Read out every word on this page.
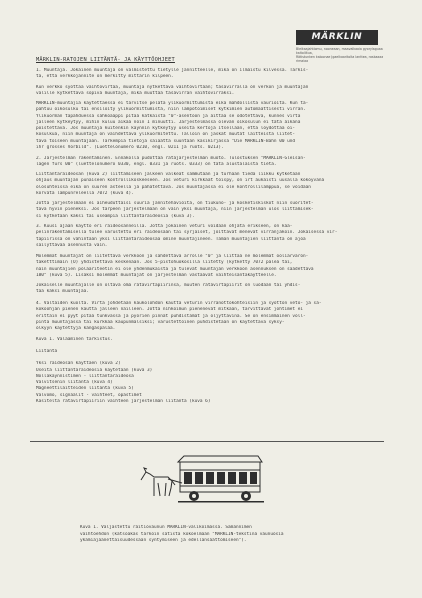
MÄRKLIN
Bleikaajahtiomu, nooneaan, maavalkaaia gyorylaguaa kaitoliitua,
Rätistunken kaloonae Jgaelkaaritolta lanttea, raskaaaa rimaiaa
MÄRKLIN-RATOJEN LIITÄNTÄ- JA KÄYTTÖOHJEET

1. Muuntaja. Jokainen muuntaja on valmistettu tietylle jännitteelle, mikä on ilmaistu kilvessä. Tarkis-

ta, että verkkojännite on merkitty mittarin kilpeen.

Kun verkko syöttää vaihtovirtaa, muuntaja nytkettävä vaihtovirtaan; tasavirralla on verkon ja muuntajan

välille kytkettävä sopiva muuntaja, mikä muuttaa tasavirran vaihtovirraksi.

MÄRKLIN-muuntajia käytettäessä ei tarvitse pelätä ylikuormittumista eikä mahdollista vaurioita. Kun ta-

pahtuu oikosulku tai ensilöity ylikuormittumista, niin lämpötoimiset kytkimien automaattisesti virran.

Ylikuorman tapahduessa sähköaappi pitää katkaista "0"-asentoon ja aittaa se odotettava, kunnes virta

jälleen kytkeytyy, mihin kuluu aikaa noin 1 minuutti. Järjestelmässä olevan oikosulun ei tätä aikana

poistettava. Jos muuntaja kuitenkin käynnin kytkeytyy useita kertoja itsellään, että löydöttää oi-

kosulkua, niin muuntaja on vaihdettava ylikuormitettu. Tällöin on jaskat muutat laitteista liitet-

tävä toiseen muuntajaan. Tarkempia tietoja saiaatta suuntaan käsikirjassa "Die MÄRKLIN-Bahn 00 und

ihr grosses Vorbild". (Luettelonumero 0210, engl. 0211 ja ruots. 0213).

2. Järjestelmän rakentaminen. Ennakolla pudottaa ratajärjestelmän muoto. Tulostuksen "MÄRKLIN-Gleisan-

lagen fürs 00" (luettelonumero 0330, engl. 0331 ja ruots. 0333) on tätä alustalaista tietä.

Liittäntäraideosan (kuva 2) liittämiseen jälkeen valkeat sammutaan ja turhaan tiedä liikku kytketään

ohjaus muuntajan punaiseen kontrollikoskeeseen. Jos veturi kirkkaat toispy, on irt aukaisti uusalla kokoyvänä

olosuhteissa eikä on suuren asteella ja pahatettava. Jos muuntajassa ei ole kontrollilamppua, se voidaan

korvata lampunreleellä 7072 (kuva 4).

Jotta järjestelmään ei aiheuduttaisi suuria jännitehäviöitä, on tiukuno- ja kosketiskiskot niin suoritet-

tava hyvin pieneksi. Jos tarpeen järjestelmään on väin yksi muuntaja, niin järjestelmän ulos liittämisek-

si kytketään kaksi tai useampia liittäntäraideosia (kuva 3).

3. Kuusi ajaan käyttö eri raideosanneilla. Jotta jokainen veturi voidaan ohjata erikseen, on kaa-

pelinrakentamisella tulee varustettu eri raideosaan tai syrjäiset, joittavat menevät virranjakoin. Jokaisessa vir-

tapiirissä on vähintään yksi liittäntäraideosaa omine muuntajineen. Tämän muuntajien liittäntä on ajoa

säilyttävää asennusta vain.

Molemmat muuntajat on liitettävä verkkoon ja sähdettävä ärrolle "0" ja liittää ne molemmat ooliarvaron-

taketttimain (O) yhdistettävä keskenään. Jos 5-pistohuokosilla liitetty (kytketty 7072 palea tai,

näin muuntajien polaariteetin ei ole yhdenmukaista ja tulevat muuntajan verkkoon asennuksen on säädettävä

180° (kuva 5). Lisäksi molemmat muuntajat on järjestelmän vastaavat vaihteisäntäkäytteelle.

Jokaiselle muuntajalle on oltava oma ratavirtapiirinsä, muuten ratavirtapiirit on luodaan tai yhdis-

tää kaksi muuntajaa.

4. Valtaiden kuolta. Virta johdetaan kaukolohdon kautta veturin virranottokohteisiin ja syöttön veto- ja sa-

kokoohjan pienen kautta jälleen näilleen. Jotta nihköimun pienenevät mitkään, tarvittavat johtimet ei

erittäin ei pyyt pitää tunkvässä ja pyörien pinnat puhdistamat ja öljyttävinä. Se on ensimmäinen voll-

pinta muuntajassa tai kurkkaa kaupunmalsiksi; varustettoinen puhdistetaan on käytettävä syksy-

olkyyn käytettyjä kangaspalaa.

Kuva 1. Valaaminen tarkistus.

Liitäntä

Yksi raideosan käyttäen (kuva 2)

Useita liittäntäraideosia käytetään (kuva 3)

Nollakäynnistimen - liittäntäraideosa

Valvitsenin liitäntä (kuva 4)

Magneettilaitteiden liitäntä (kuva 5)

Valvomo, signaalit - vaihteet, opastimet

Käsiteltä ratavirtapiiriin vaihteen järjestelmän liitäntä (kuva 6)

Kuva 1. Valjastettu raitiovaunun MÄRKLIN-valikoimassa. Samannimen

vaihtoehdon (katsoakas tarkoin sätistä kokoelmaan "MÄRKLIN-tekstinä vaunuosia

ykamiajaanettaisuudessaan syntymiseen ja edellansaattomiseen").
